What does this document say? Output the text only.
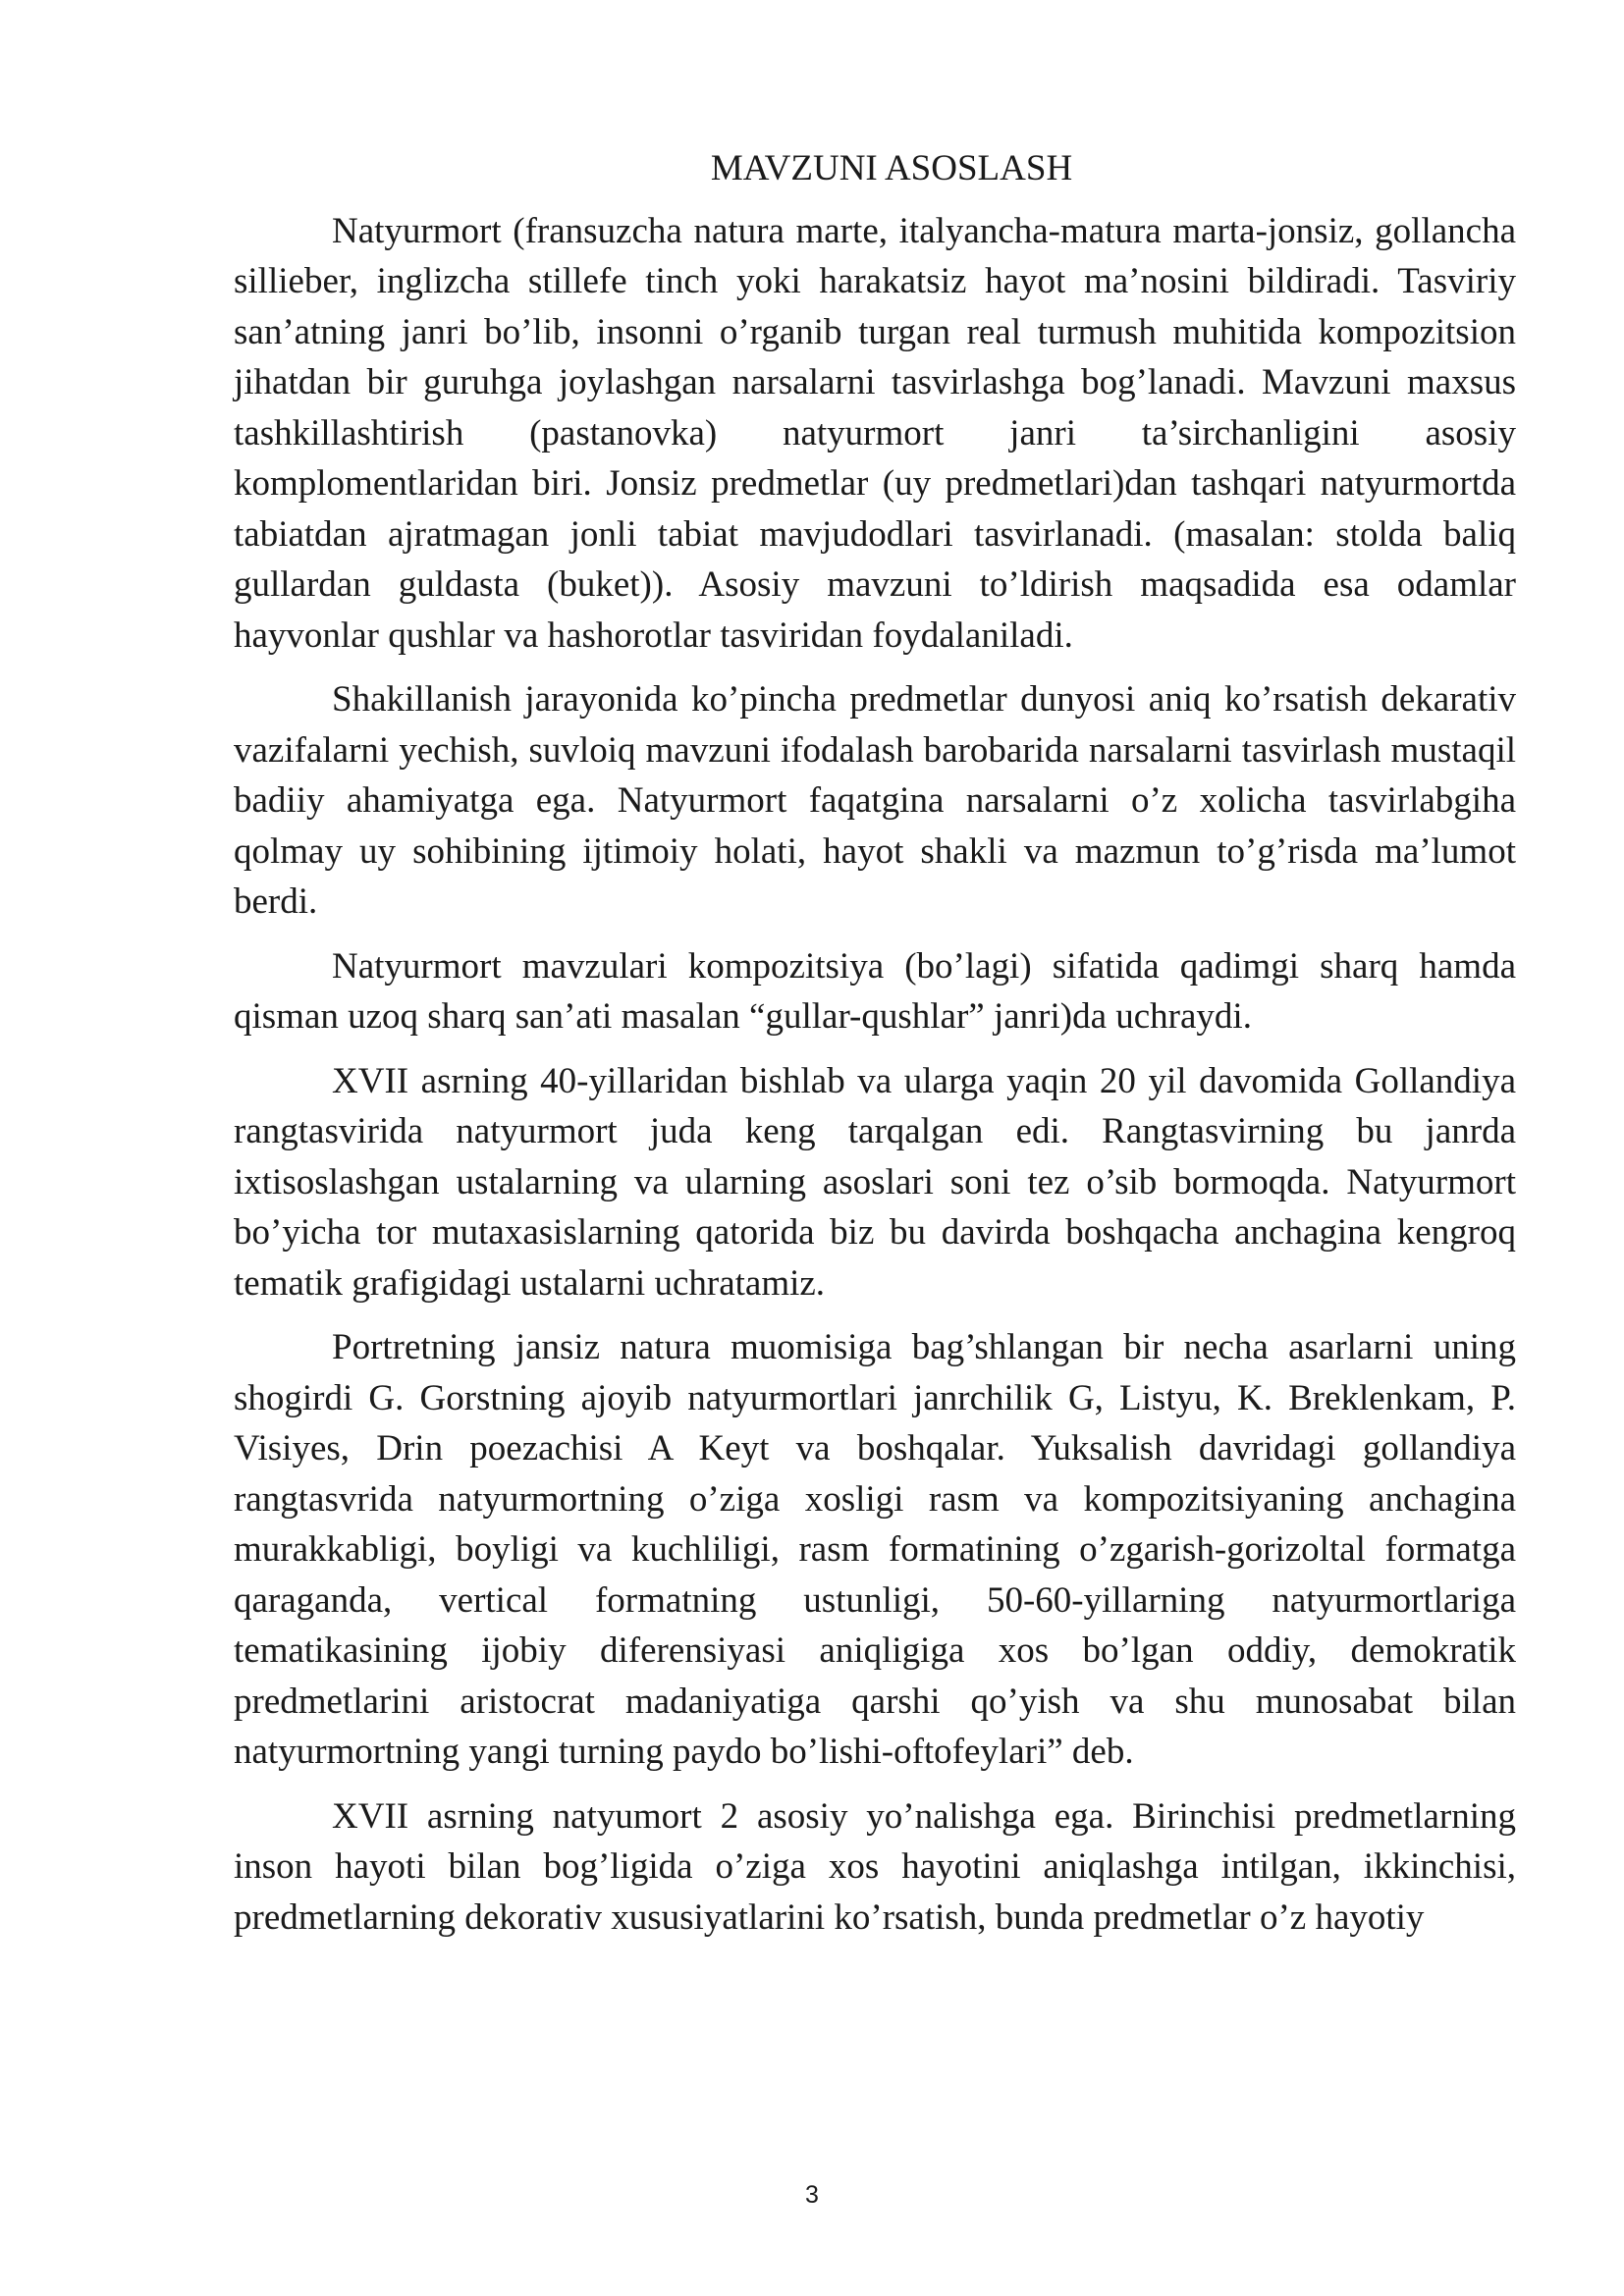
MAVZUNI ASOSLASH

Natyurmort (fransuzcha natura marte, italyancha-matura marta-jonsiz, gollancha sillieber, inglizcha stillefe tinch yoki harakatsiz hayot ma’nosini bildiradi. Tasviriy san’atning janri bo’lib, insonni o’rganib turgan real turmush muhitida kompozitsion jihatdan bir guruhga joylashgan narsalarni tasvirlashga bog’lanadi. Mavzuni maxsus tashkillashtirish (pastanovka) natyurmort janri ta’sirchanligini asosiy komplomentlaridan biri. Jonsiz predmetlar (uy predmetlari)dan tashqari natyurmortda tabiatdan ajratmagan jonli tabiat mavjudodlari tasvirlanadi. (masalan: stolda baliq gullardan guldasta (buket)). Asosiy mavzuni to’ldirish maqsadida esa odamlar hayvonlar qushlar va hashorotlar tasviridan foydalaniladi.

Shakillanish jarayonida ko’pincha predmetlar dunyosi aniq ko’rsatish dekarativ vazifalarni yechish, suvloiq mavzuni ifodalash barobarida narsalarni tasvirlash mustaqil badiiy ahamiyatga ega. Natyurmort faqatgina narsalarni o’z xolicha tasvirlabgiha qolmay uy sohibining ijtimoiy holati, hayot shakli va mazmun to’g’risda ma’lumot berdi.

Natyurmort mavzulari kompozitsiya (bo’lagi) sifatida qadimgi sharq hamda qisman uzoq sharq san’ati masalan “gullar-qushlar” janri)da uchraydi.

XVII asrning 40-yillaridan bishlab va ularga yaqin 20 yil davomida Gollandiya rangtasvirida natyurmort juda keng tarqalgan edi. Rangtasvirning bu janrda ixtisoslashgan ustalarning va ularning asoslari soni tez o’sib bormoqda. Natyurmort bo’yicha tor mutaxasislarning qatorida biz bu davirda boshqacha anchagina kengroq tematik grafigidagi ustalarni uchratamiz.

Portretning jansiz natura muomisiga bag’shlangan bir necha asarlarni uning shogirdi G. Gorstning ajoyib natyurmortlari janrchilik G, Listyu, K. Breklenkam, P. Visiyes, Drin poezachisi A Keyt va boshqalar. Yuksalish davridagi gollandiya rangtasvrida natyurmortning o’ziga xosligi rasm va kompozitsiyaning anchagina murakkabligi, boyligi va kuchliligi, rasm formatining o’zgarish-gorizoltal formatga qaraganda, vertical formatning ustunligi, 50-60-yillarning natyurmortlariga tematikasining ijobiy diferensiyasi aniqligiga xos bo’lgan oddiy, demokratik predmetlarini aristocrat madaniyatiga qarshi qo’yish va shu munosabat bilan natyurmortning yangi turning paydo bo’lishi-oftofeylari” deb.

XVII asrning natyumort 2 asosiy yo’nalishga ega. Birinchisi predmetlarning inson hayoti bilan bog’ligida o’ziga xos hayotini aniqlashga intilgan, ikkinchisi, predmetlarning dekorativ xususiyatlarini ko’rsatish, bunda predmetlar o’z hayotiy

3
